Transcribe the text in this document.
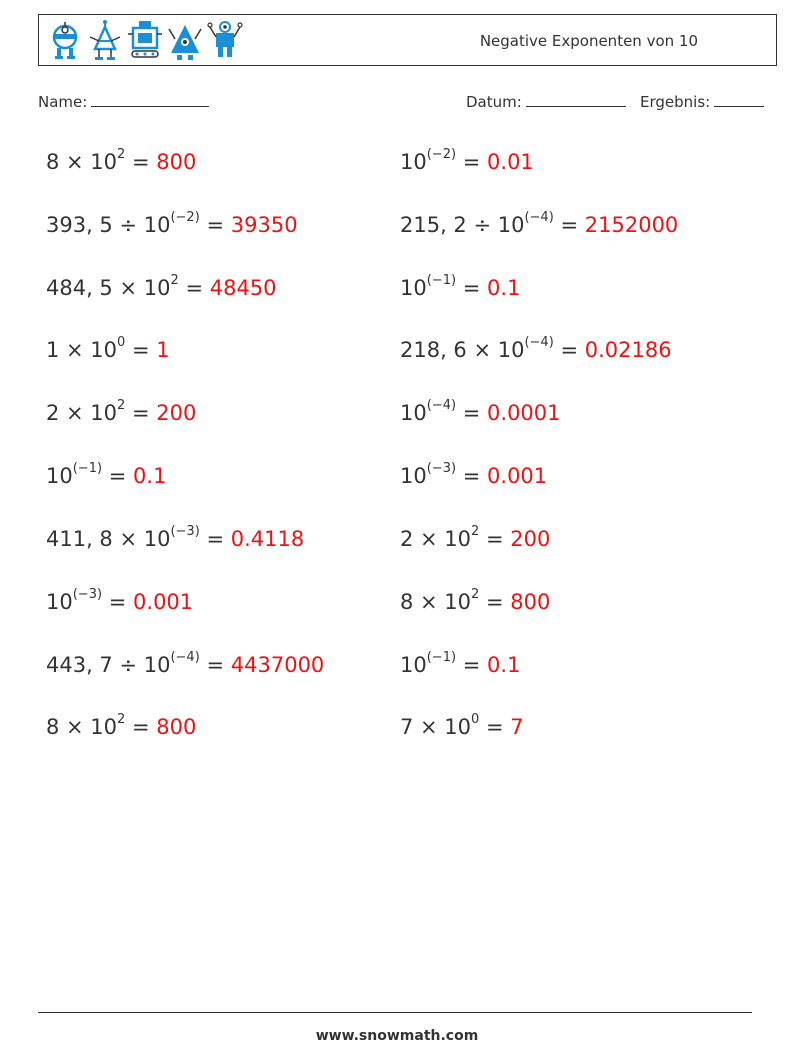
Negative Exponenten von 10
Name:	Datum:	Ergebnis:
$8 \times 10^2 = 800$	$10^{(-2)} = 0.01$
393, $5 \div 10^{(-2)} = 39350$	215, $2 \div 10^{(-4)} = 2152000$
484, $5 \times 10^2 = 48450$	$10^{(-1)} = 0.1$
$1 \times 10^0 = 1$	218, $6 \times 10^{(-4)} = 0.02186$
$2 \times 10^2 = 200$	$10^{(-4)} = 0.0001$
$10^{(-1)} = 0.1$	$10^{(-3)} = 0.001$
411, $8 \times 10^{(-3)} = 0.4118$	$2 \times 10^2 = 200$
$10^{(-3)} = 0.001$	$8 \times 10^2 = 800$
443, $7 \div 10^{(-4)} = 4437000$	$10^{(-1)} = 0.1$
$8 \times 10^2 = 800$	$7 \times 10^0 = 7$
www.snowmath.com
